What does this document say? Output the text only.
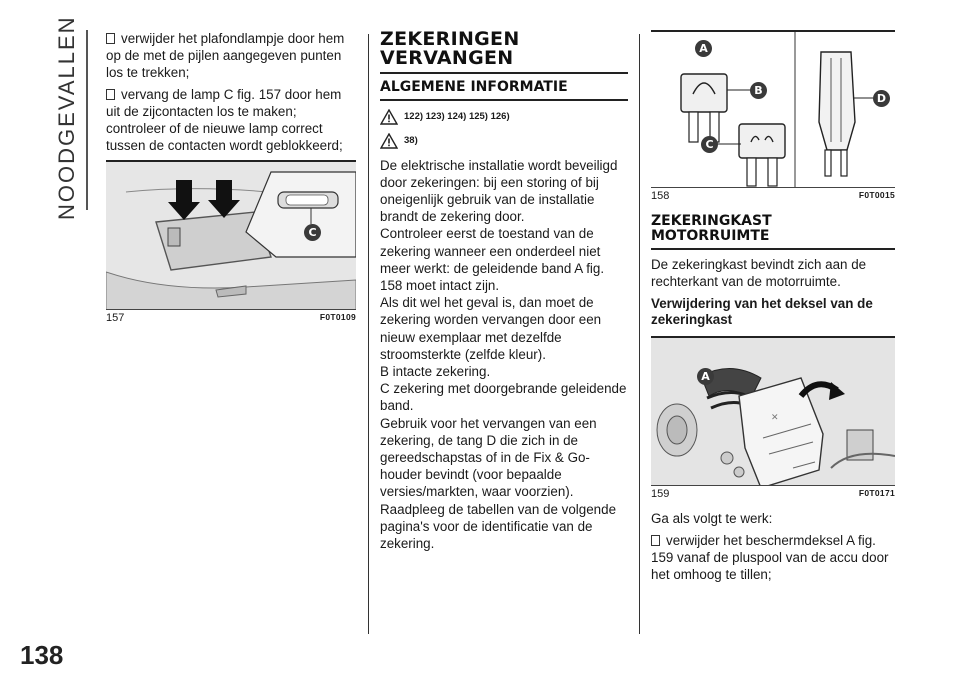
NOODGEVALLEN
138
verwijder het plafondlampje door hem op de met de pijlen aangegeven punten los te trekken;
vervang de lamp C fig. 157 door hem uit de zijcontacten los te maken; controleer of de nieuwe lamp correct tussen de contacten wordt geblokkeerd;
C
157	F0T0109
ZEKERINGEN VERVANGEN
ALGEMENE INFORMATIE
122) 123) 124) 125) 126)
38)
De elektrische installatie wordt beveiligd door zekeringen: bij een storing of bij oneigenlijk gebruik van de installatie brandt de zekering door.
Controleer eerst de toestand van de zekering wanneer een onderdeel niet meer werkt: de geleidende band A fig. 158 moet intact zijn.
Als dit wel het geval is, dan moet de zekering worden vervangen door een nieuw exemplaar met dezelfde stroomsterkte (zelfde kleur).
B intacte zekering.
C zekering met doorgebrande geleidende band.
Gebruik voor het vervangen van een zekering, de tang D die zich in de gereedschapstas of in de Fix & Go-houder bevindt (voor bepaalde versies/markten, waar voorzien).
Raadpleeg de tabellen van de volgende pagina's voor de identificatie van de zekering.
A
B
C
D
158	F0T0015
ZEKERINGKAST MOTORRUIMTE
De zekeringkast bevindt zich aan de rechterkant van de motorruimte.
Verwijdering van het deksel van de zekeringkast
✕
A
159	F0T0171
Ga als volgt te werk:
verwijder het beschermdeksel A fig. 159 vanaf de pluspool van de accu door het omhoog te tillen;
